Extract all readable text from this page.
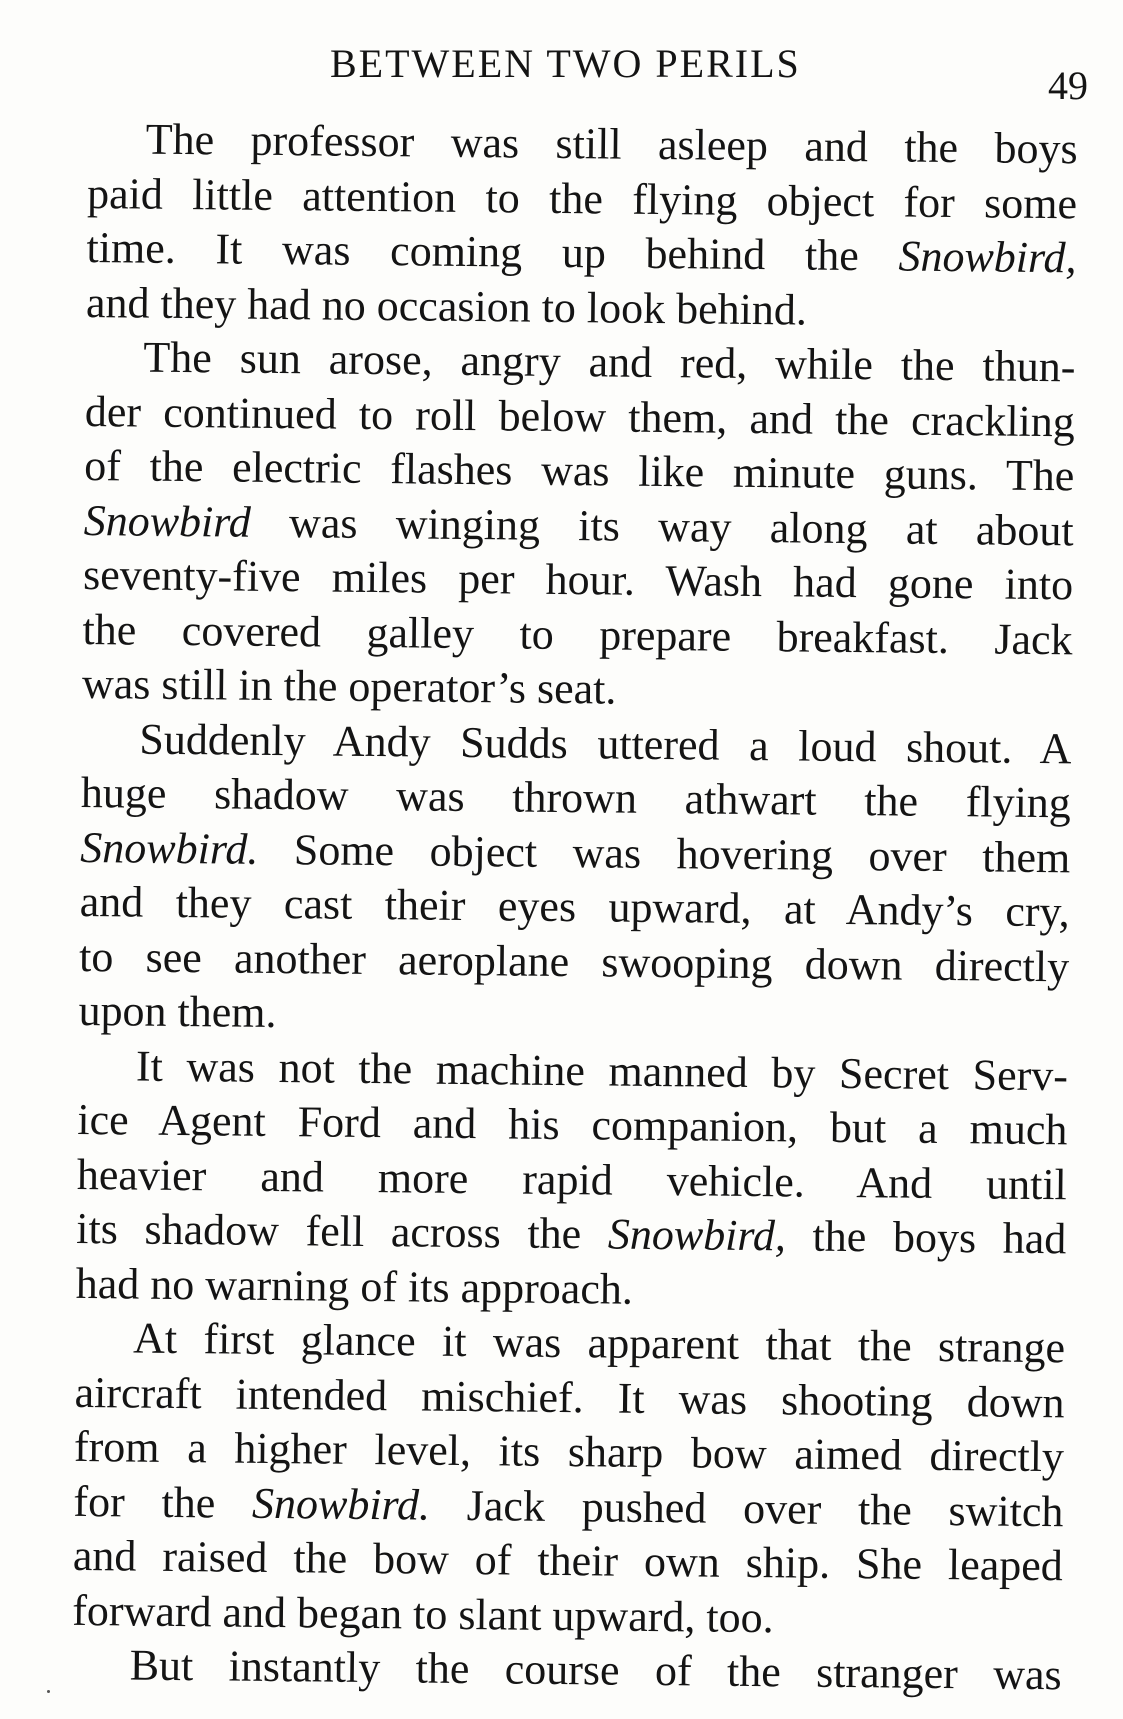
BETWEEN TWO PERILS	49
The professor was still asleep and the boys
paid little attention to the flying object for some
time. It was coming up behind the Snowbird,
and they had no occasion to look behind.
The sun arose, angry and red, while the thun-
der continued to roll below them, and the crackling
of the electric flashes was like minute guns. The
Snowbird was winging its way along at about
seventy-five miles per hour. Wash had gone into
the covered galley to prepare breakfast. Jack
was still in the operator’s seat.
Suddenly Andy Sudds uttered a loud shout. A
huge shadow was thrown athwart the flying
Snowbird. Some object was hovering over them
and they cast their eyes upward, at Andy’s cry,
to see another aeroplane swooping down directly
upon them.
It was not the machine manned by Secret Serv-
ice Agent Ford and his companion, but a much
heavier and more rapid vehicle. And until
its shadow fell across the Snowbird, the boys had
had no warning of its approach.
At first glance it was apparent that the strange
aircraft intended mischief. It was shooting down
from a higher level, its sharp bow aimed directly
for the Snowbird. Jack pushed over the switch
and raised the bow of their own ship. She leaped
forward and began to slant upward, too.
But instantly the course of the stranger was
